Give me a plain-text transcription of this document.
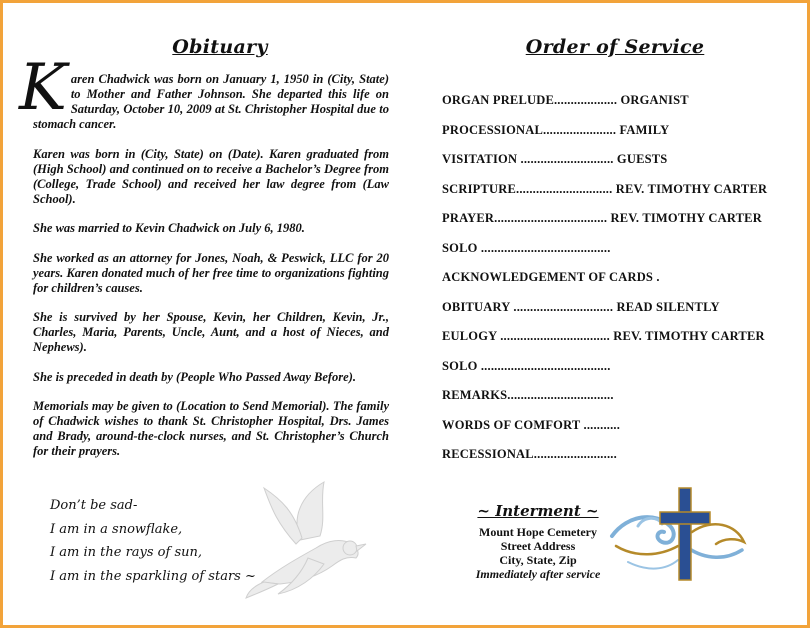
Obituary

Karen Chadwick was born on January 1, 1950 in (City, State) to Mother and Father Johnson. She departed this life on Saturday, October 10, 2009 at St. Christopher Hospital due to stomach cancer.

Karen was born in (City, State) on (Date). Karen graduated from (High School) and continued on to receive a Bachelor’s Degree from (College, Trade School) and received her law degree from (Law School).

She was married to Kevin Chadwick on July 6, 1980.

She worked as an attorney for Jones, Noah, & Peswick, LLC for 20 years. Karen donated much of her free time to organizations fighting for children’s causes.

She is survived by her Spouse, Kevin, her Children, Kevin, Jr., Charles, Maria, Parents, Uncle, Aunt, and a host of Nieces, and Nephews).

She is preceded in death by (People Who Passed Away Before).

Memorials may be given to (Location to Send Memorial). The family of Chadwick wishes to thank St. Christopher Hospital, Drs. James and Brady, around-the-clock nurses, and St. Christopher’s Church for their prayers.

Don’t be sad-
I am in a snowflake,
I am in the rays of sun,
I am in the sparkling of stars ~
Order of Service
ORGAN PRELUDE................... ORGANIST
PROCESSIONAL...................... FAMILY
VISITATION ............................ GUESTS
SCRIPTURE............................. REV. TIMOTHY CARTER
PRAYER.................................. REV. TIMOTHY CARTER
SOLO .......................................
ACKNOWLEDGEMENT OF CARDS .
OBITUARY .............................. READ SILENTLY
EULOGY ................................. REV. TIMOTHY CARTER
SOLO .......................................
REMARKS................................
WORDS OF COMFORT ...........
RECESSIONAL.........................
~ Interment ~
Mount Hope Cemetery
Street Address
City, State, Zip
Immediately after service
